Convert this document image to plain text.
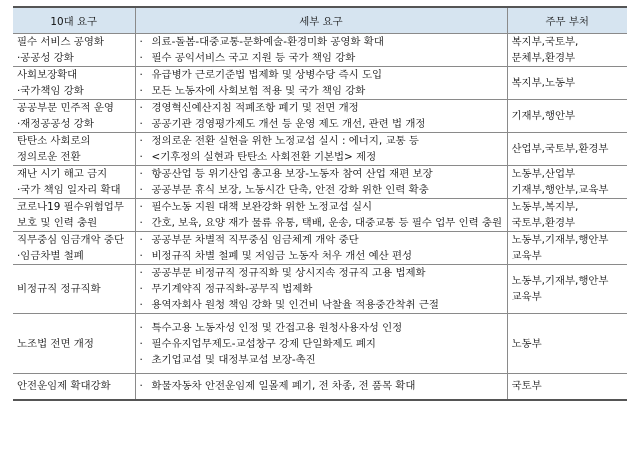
10대 요구	세부 요구	주무 부처

필수 서비스 공영화
·공공성 강화	· 의료-돌봄-대중교통-문화예술-환경미화 공영화 확대
· 필수 공익서비스 국고 지원 등 국가 책임 강화	복지부,국토부,
문체부,환경부

사회보장확대
·국가책임 강화	· 유급병가 근로기준법 법제화 및 상병수당 즉시 도입
· 모든 노동자에 사회보험 적용 및 국가 책임 강화	복지부,노동부

공공부문 민주적 운영
·재정공공성 강화	· 경영혁신예산지침 적폐조항 폐기 및 전면 개정
· 공공기관 경영평가제도 개선 등 운영 제도 개선, 관련 법 개정	기재부,행안부

탄탄소 사회로의
정의로운 전환	· 정의로운 전환 실현을 위한 노정교섭 실시 : 에너지, 교통 등
· <기후정의 실현과 탄탄소 사회전환 기본법> 제정	산업부,국토부,환경부

재난 시기 해고 금지
·국가 책임 일자리 확대	· 항공산업 등 위기산업 총고용 보장-노동자 참여 산업 재편 보장
· 공공부문 휴식 보장, 노동시간 단축, 안전 강화 위한 인력 확충	노동부,산업부
기재부,행안부,교육부

코로나19 필수위험업무
보호 및 인력 충원	· 필수노동 지원 대책 보완강화 위한 노정교섭 실시
· 간호, 보육, 요양 재가 물류 유통, 택배, 운송, 대중교통 등 필수 업무 인력 충원	노동부,복지부,
국토부,환경부

직무중심 임금개악 중단
·임금차별 철폐	· 공공부문 차별적 직무중심 임금체계 개악 중단
· 비정규직 차별 철폐 및 저임금 노동자 처우 개선 예산 편성	노동부,기재부,행안부
교육부

비정규직 정규직화	· 공공부문 비정규직 정규직화 및 상시지속 정규직 고용 법제화
· 무기계약직 정규직화-공무직 법제화
· 용역자회사 원청 책임 강화 및 인건비 낙찰율 적용중간착취 근절	노동부,기재부,행안부
교육부

노조법 전면 개정	· 특수고용 노동자성 인정 및 간접고용 원청사용자성 인정
· 필수유지업무제도-교섭창구 강제 단일화제도 폐지
· 초기업교섭 및 대정부교섭 보장-촉진	노동부

안전운임제 확대강화	· 화물자동차 안전운임제 일몰제 폐기, 전 차종, 전 품목 확대	국토부
